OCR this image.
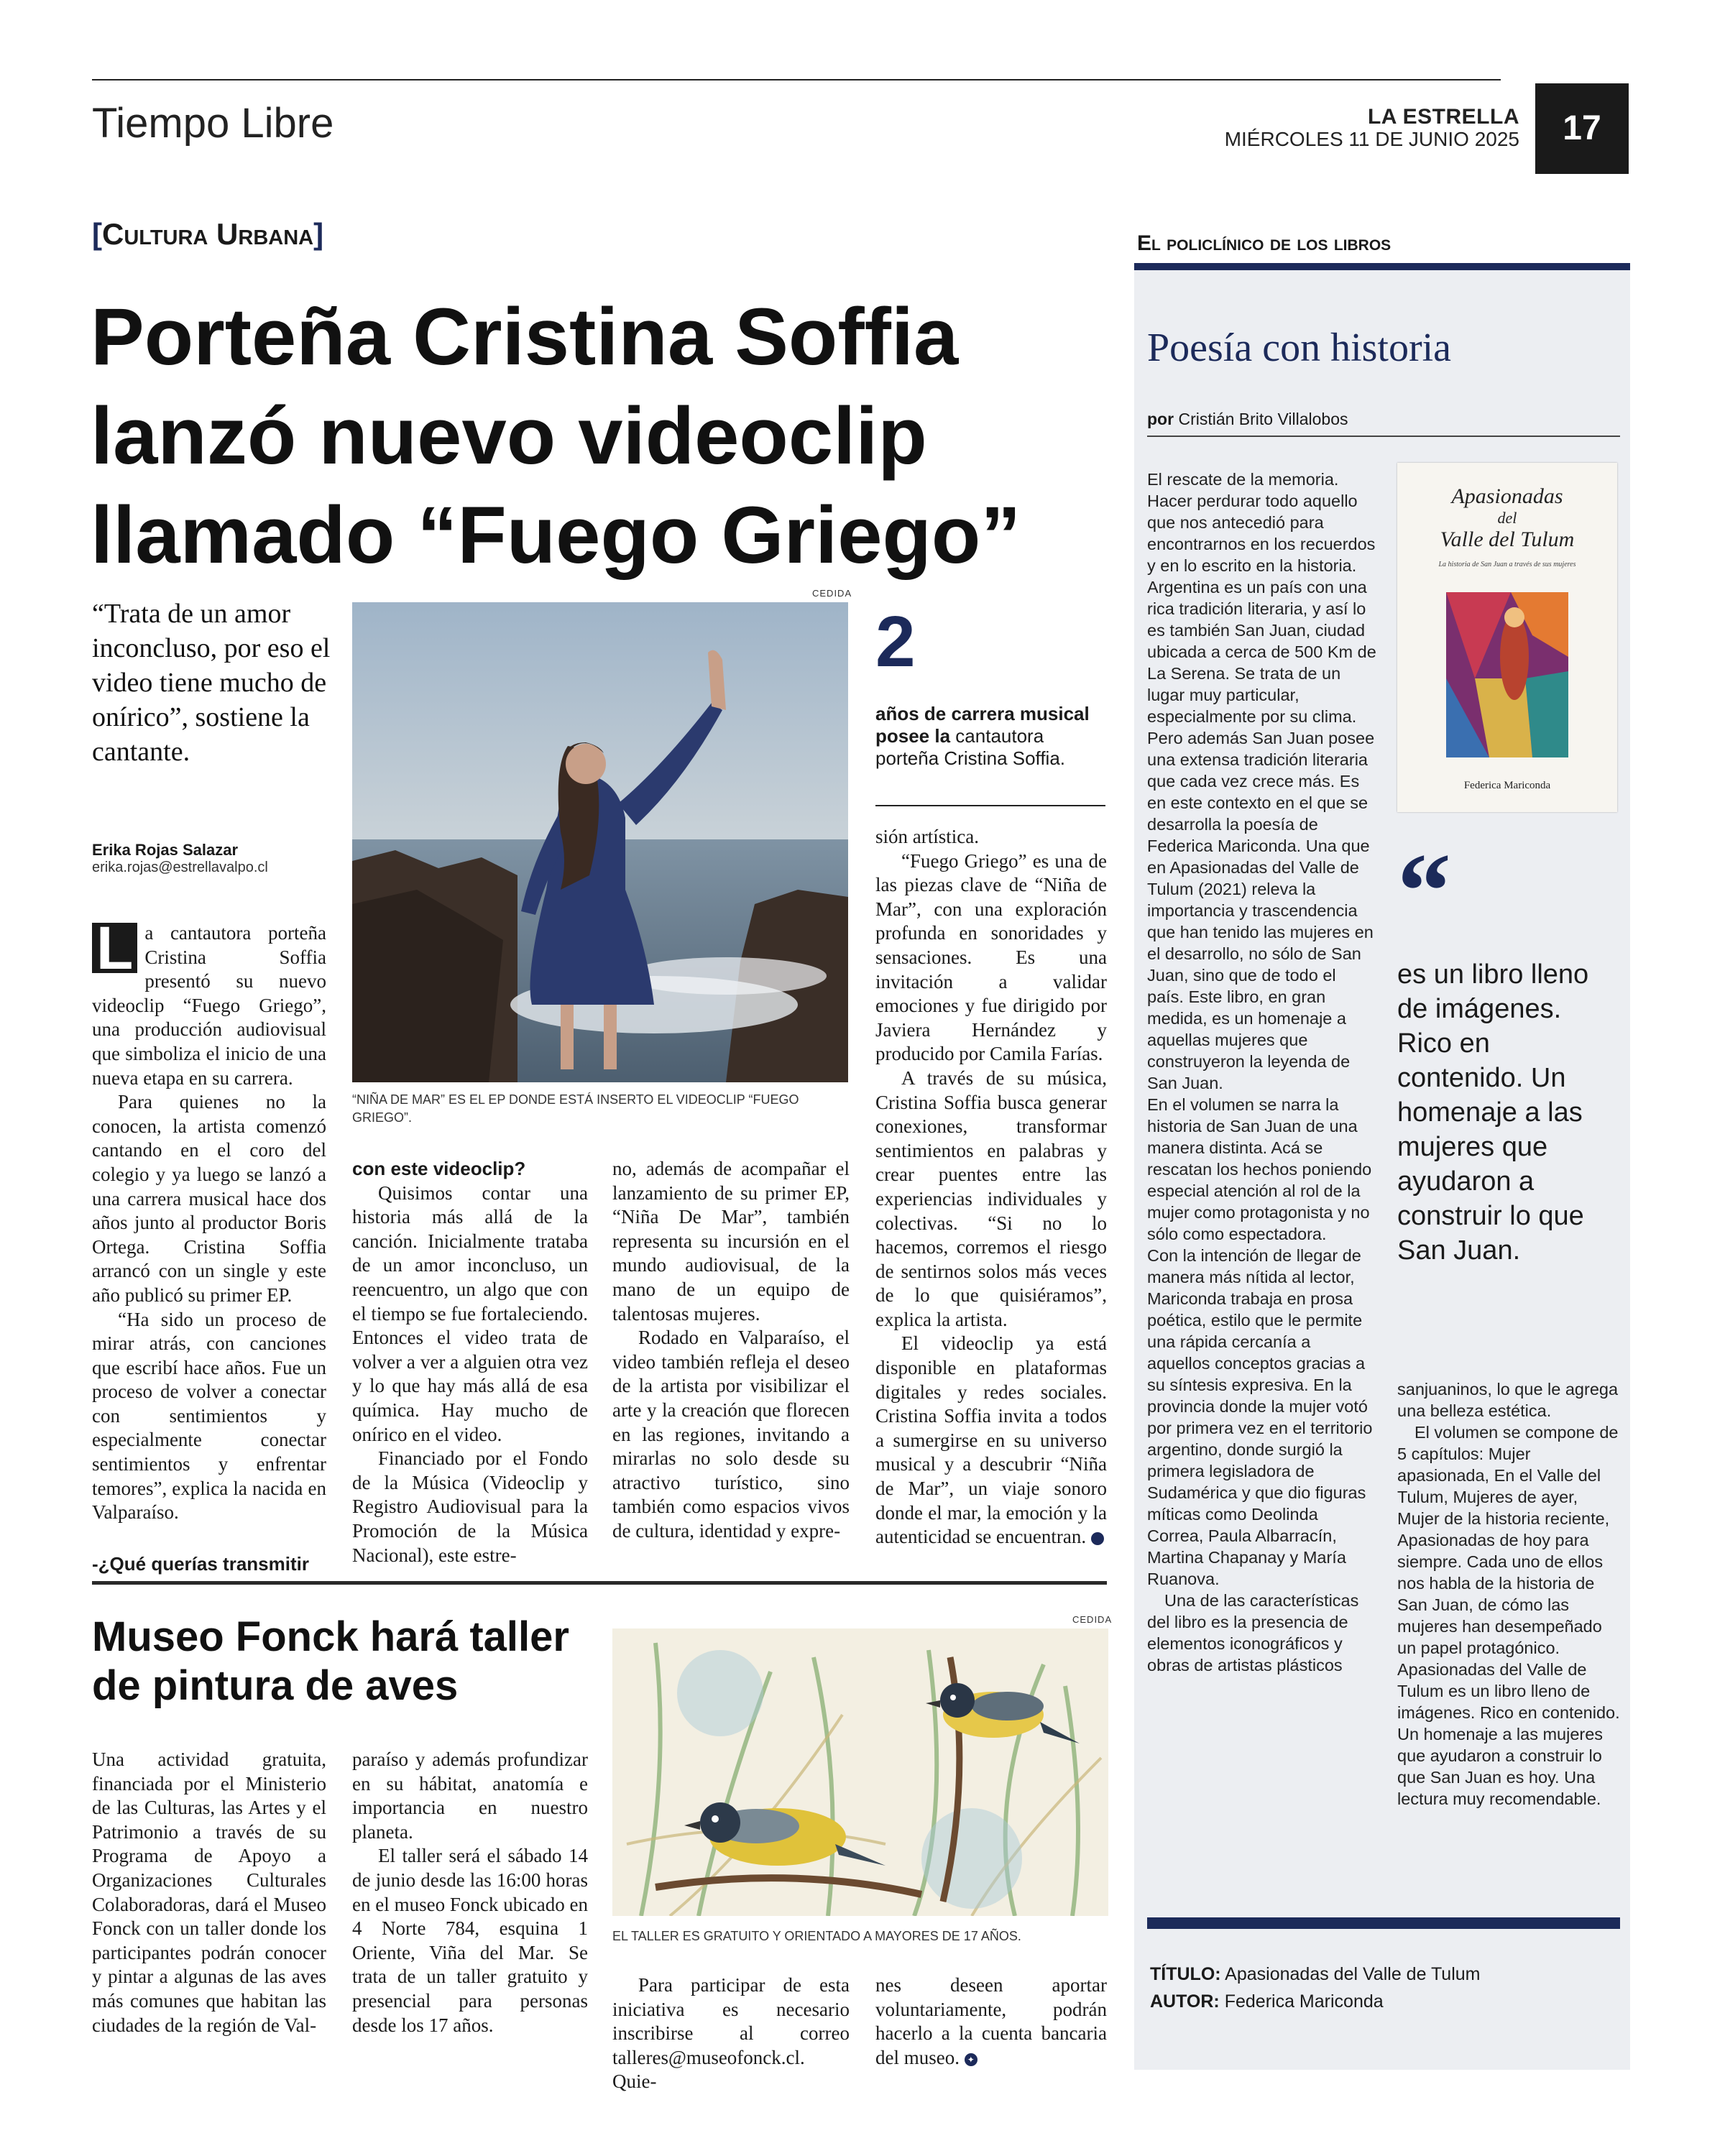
Tiempo Libre	LA ESTRELLA
MIÉRCOLES 11 DE JUNIO 2025	17
[Cultura Urbana]
Porteña Cristina Soffia
lanzó nuevo videoclip
llamado “Fuego Griego”
“Trata de un amor inconcluso, por eso el video tiene mucho de onírico”, sostiene la cantante.
Erika Rojas Salazar
erika.rojas@estrellavalpo.cl
CEDIDA
“NIÑA DE MAR” ES EL EP DONDE ESTÁ INSERTO EL VIDEOCLIP “FUEGO GRIEGO”.
2
años de carrera musical posee la cantautora porteña Cristina Soffia.

L a cantautora porteña Cristina Soffia presentó su nuevo videoclip “Fuego Griego”, una producción audiovisual que simboliza el inicio de una nueva etapa en su carrera.

Para quienes no la conocen, la artista comenzó cantando en el coro del colegio y ya luego se lanzó a una carrera musical hace dos años junto al productor Boris Ortega. Cristina Soffia arrancó con un single y este año publicó su primer EP.

“Ha sido un proceso de mirar atrás, con canciones que escribí hace años. Fue un proceso de volver a conectar con sentimientos y especialmente conectar sentimientos y enfrentar temores”, explica la nacida en Valparaíso.

-¿Qué querías transmitir
con este videoclip?

Quisimos contar una historia más allá de la canción. Inicialmente trataba de un amor inconcluso, un reencuentro, un algo que con el tiempo se fue fortaleciendo. Entonces el video trata de volver a ver a alguien otra vez y lo que hay más allá de esa química. Hay mucho de onírico en el video.

Financiado por el Fondo de la Música (Videoclip y Registro Audiovisual para la Promoción de la Música Nacional), este estre-

no, además de acompañar el lanzamiento de su primer EP, “Niña De Mar”, también representa su incursión en el mundo audiovisual, de la mano de un equipo de talentosas mujeres.

Rodado en Valparaíso, el video también refleja el deseo de la artista por visibilizar el arte y la creación que florecen en las regiones, invitando a mirarlas no solo desde su atractivo turístico, sino también como espacios vivos de cultura, identidad y expre-

sión artística.

“Fuego Griego” es una de las piezas clave de “Niña de Mar”, con una exploración profunda en sonoridades y sensaciones. Es una invitación a validar emociones y fue dirigido por Javiera Hernández y producido por Camila Farías.

A través de su música, Cristina Soffia busca generar conexiones, transformar sentimientos en palabras y crear puentes entre las experiencias individuales y colectivas. “Si no lo hacemos, corremos el riesgo de sentirnos solos más veces de lo que quisiéramos”, explica la artista.

El videoclip ya está disponible en plataformas digitales y redes sociales. Cristina Soffia invita a todos a sumergirse en su universo musical y a descubrir “Niña de Mar”, un viaje sonoro donde el mar, la emoción y la autenticidad se encuentran.	✦

Museo Fonck hará taller
de pintura de aves

Una actividad gratuita, financiada por el Ministerio de las Culturas, las Artes y el Patrimonio a través de su Programa de Apoyo a Organizaciones Culturales Colaboradoras, dará el Museo Fonck con un taller donde los participantes podrán conocer y pintar a algunas de las aves más comunes que habitan las ciudades de la región de Val-

paraíso y además profundizar en su hábitat, anatomía e importancia en nuestro planeta.

El taller será el sábado 14 de junio desde las 16:00 horas en el museo Fonck ubicado en 4 Norte 784, esquina 1 Oriente, Viña del Mar. Se trata de un taller gratuito y presencial para personas desde los 17 años.

CEDIDA
EL TALLER ES GRATUITO Y ORIENTADO A MAYORES DE 17 AÑOS.

Para participar de esta iniciativa es necesario inscribirse al correo talleres@museofonck.cl. Quie-

nes deseen aportar voluntariamente, podrán hacerlo a la cuenta bancaria del museo. ✦

El policlínico de los libros
Poesía con historia
por Cristián Brito Villalobos
Apasionadas
del
Valle del Tulum
La historia de San Juan a través de sus mujeres
Federica Mariconda
“
es un libro lleno de imágenes. Rico en contenido. Un homenaje a las mujeres que ayudaron a construir lo que San Juan.

El rescate de la memoria. Hacer perdurar todo aquello que nos antecedió para encontrarnos en los recuerdos y en lo escrito en la historia. Argentina es un país con una rica tradición literaria, y así lo es también San Juan, ciudad ubicada a cerca de 500 Km de La Serena. Se trata de un lugar muy particular, especialmente por su clima. Pero además San Juan posee una extensa tradición literaria que cada vez crece más. Es en este contexto en el que se desarrolla la poesía de Federica Mariconda. Una que en Apasionadas del Valle de Tulum (2021) releva la importancia y trascendencia que han tenido las mujeres en el desarrollo, no sólo de San Juan, sino que de todo el país. Este libro, en gran medida, es un homenaje a aquellas mujeres que construyeron la leyenda de San Juan.

En el volumen se narra la historia de San Juan de una manera distinta. Acá se rescatan los hechos poniendo especial atención al rol de la mujer como protagonista y no sólo como espectadora.

Con la intención de llegar de manera más nítida al lector, Mariconda trabaja en prosa poética, estilo que le permite una rápida cercanía a aquellos conceptos gracias a su síntesis expresiva. En la provincia donde la mujer votó por primera vez en el territorio argentino, donde surgió la primera legisladora de Sudamérica y que dio figuras míticas como Deolinda Correa, Paula Albarracín, Martina Chapanay y María Ruanova.

Una de las características del libro es la presencia de elementos iconográficos y obras de artistas plásticos

sanjuaninos, lo que le agrega una belleza estética.

El volumen se compone de 5 capítulos: Mujer apasionada, En el Valle del Tulum, Mujeres de ayer, Mujer de la historia reciente, Apasionadas de hoy para siempre. Cada uno de ellos nos habla de la historia de San Juan, de cómo las mujeres han desempeñado un papel protagónico.

Apasionadas del Valle de Tulum es un libro lleno de imágenes. Rico en contenido. Un homenaje a las mujeres que ayudaron a construir lo que San Juan es hoy. Una lectura muy recomendable.

TÍTULO: Apasionadas del Valle de Tulum
AUTOR: Federica Mariconda
